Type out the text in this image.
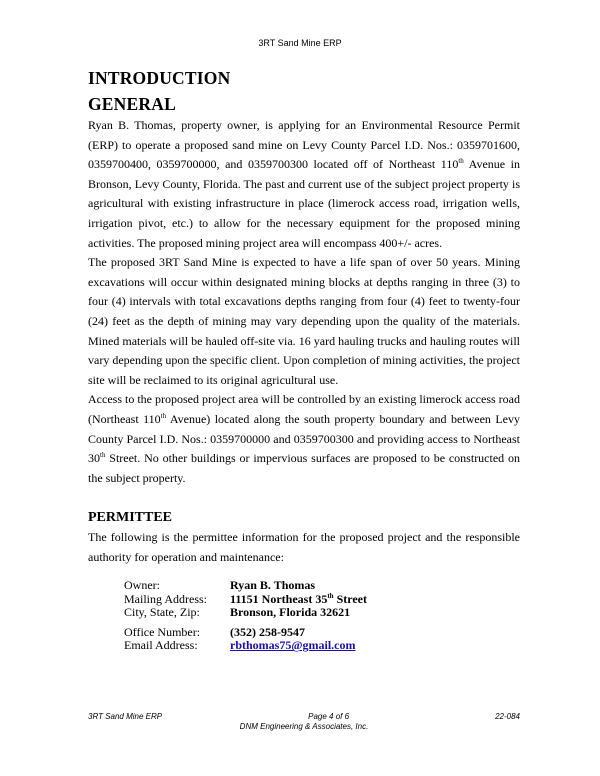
3RT Sand Mine ERP
INTRODUCTION
GENERAL

Ryan B. Thomas, property owner, is applying for an Environmental Resource Permit (ERP) to operate a proposed sand mine on Levy County Parcel I.D. Nos.: 0359701600, 0359700400, 0359700000, and 0359700300 located off of Northeast 110th Avenue in Bronson, Levy County, Florida. The past and current use of the subject project property is agricultural with existing infrastructure in place (limerock access road, irrigation wells, irrigation pivot, etc.) to allow for the necessary equipment for the proposed mining activities. The proposed mining project area will encompass 400+/- acres.

The proposed 3RT Sand Mine is expected to have a life span of over 50 years. Mining excavations will occur within designated mining blocks at depths ranging in three (3) to four (4) intervals with total excavations depths ranging from four (4) feet to twenty-four (24) feet as the depth of mining may vary depending upon the quality of the materials. Mined materials will be hauled off-site via. 16 yard hauling trucks and hauling routes will vary depending upon the specific client. Upon completion of mining activities, the project site will be reclaimed to its original agricultural use.

Access to the proposed project area will be controlled by an existing limerock access road (Northeast 110th Avenue) located along the south property boundary and between Levy County Parcel I.D. Nos.: 0359700000 and 0359700300 and providing access to Northeast 30th Street. No other buildings or impervious surfaces are proposed to be constructed on the subject property.

PERMITTEE

The following is the permittee information for the proposed project and the responsible authority for operation and maintenance:

Owner:	Ryan B. Thomas
Mailing Address:	11151 Northeast 35th Street
City, State, Zip:	Bronson, Florida 32621
Office Number:	(352) 258-9547
Email Address:	rbthomas75@gmail.com
3RT Sand Mine ERP	Page 4 of 6	22-084
DNM Engineering & Associates, Inc.
